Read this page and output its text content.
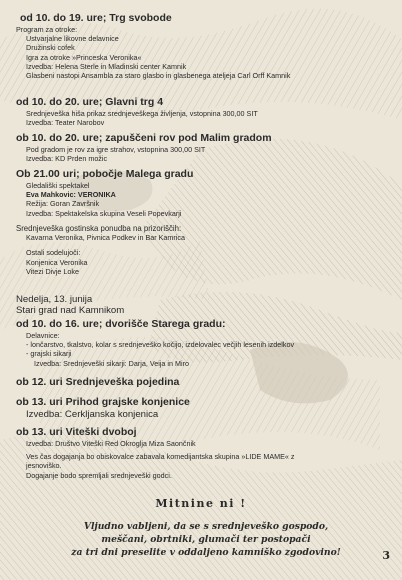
od 10. do 19. ure; Trg svobode

Program za otroke:

Ustvarjalne likovne delavnice

Družinski cofek

Igra za otroke »Princeska Veronika«

Izvedba: Helena Sterle in Mladinski center Kamnik

Glasbeni nastopi Ansambla za staro glasbo in glasbenega ateljeja Carl Orff Kamnik

od 10. do 20. ure; Glavni trg 4

Srednjeveška hiša prikaz srednjeveškega življenja, vstopnina 300,00 SIT

Izvedba: Teater Narobov

ob 10. do 20. ure; zapuščeni rov pod Malim gradom

Pod gradom je rov za igre strahov, vstopnina 300,00 SIT

Izvedba: KD Prden možic

Ob 21.00 uri; pobočje Malega gradu

Gledališki spektakel

Eva Mahkovic: VERONIKA

Režija: Goran Završnik

Izvedba: Spektakelska skupina Veseli Popevkarji

Srednjeveška gostinska ponudba na prizoriščih:

Kavarna Veronika, Pivnica Podkev in Bar Kamrica

Ostali sodelujoči:

Konjenica Veronika

Vitezi Divje Loke

Nedelja, 13. junija

Stari grad nad Kamnikom

od 10. do 16. ure; dvorišče Starega gradu:

Delavnice:

- lončarstvo, tkalstvo, kolar s srednjeveško kočijo, izdelovalec večjih lesenih izdelkov

- grajski sikarji

Izvedba: Srednjeveški sikarji: Darja, Veija in Miro

ob 12. uri Srednjeveška pojedina

ob 13. uri Prihod grajske konjenice

Izvedba: Cerkljanska konjenica

ob 13. uri Viteški dvoboj

Izvedba: Društvo Viteški Red Okroglja Miza Saončnik

Ves čas dogajanja bo obiskovalce zabavala komedijantska skupina »LIDE MAME« z

jesnoviško.

Dogajanje bodo spremljali srednjeveški godci.

Mitnine ni !
Vljudno vabljeni, da se s srednjeveško gospodo,
meščani, obrtniki, glumači ter postopači
za tri dni preselite v oddaljeno kamniško zgodovino!	3
